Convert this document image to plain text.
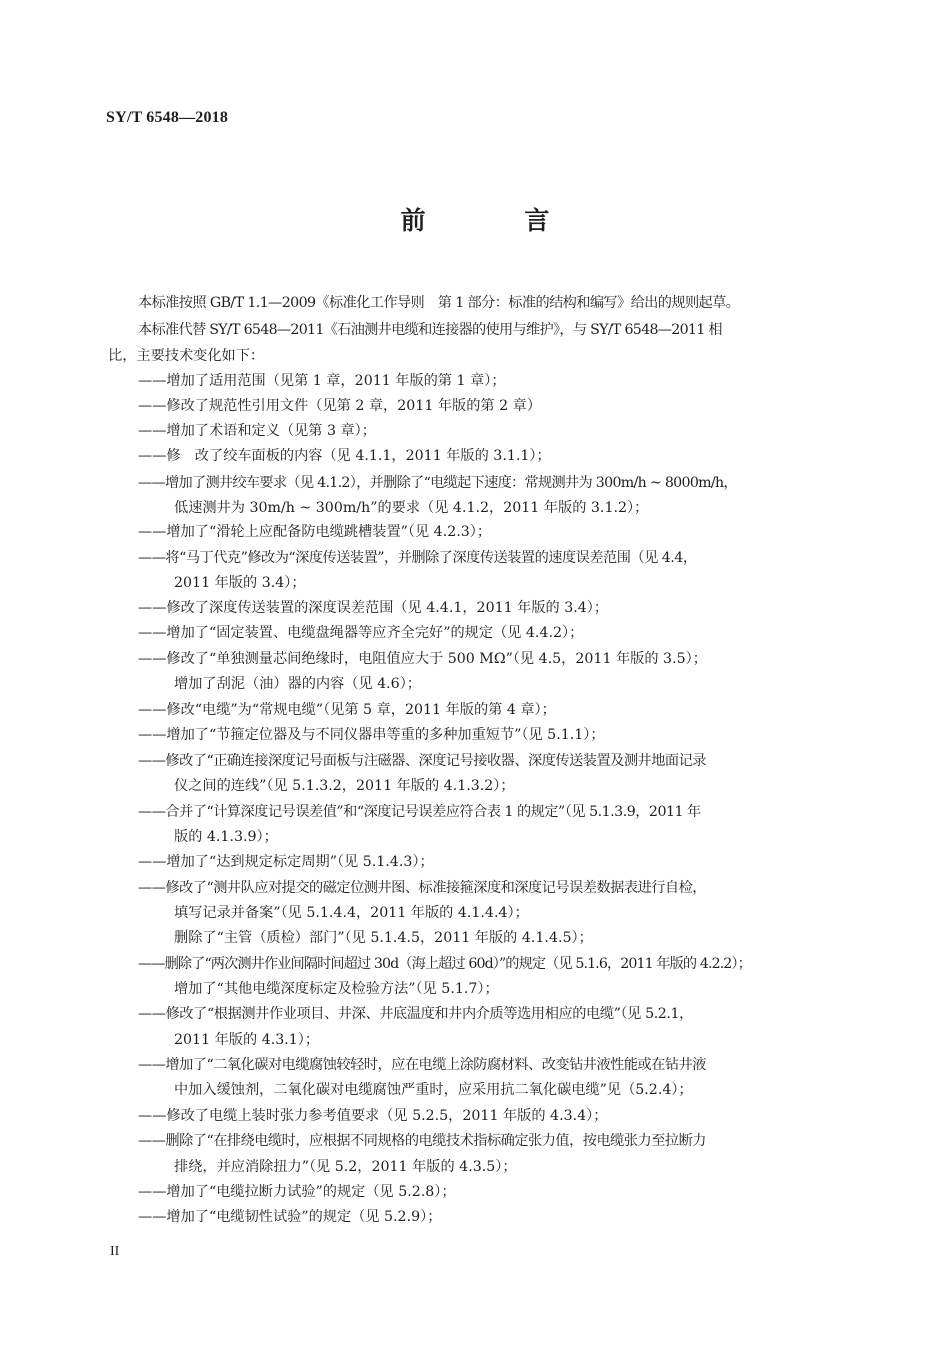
SY/T 6548—2018
前 言
本标准按照 GB/T 1.1—2009《标准化工作导则　第 1 部分：标准的结构和编写》给出的规则起草。
本标准代替 SY/T 6548—2011《石油测井电缆和连接器的使用与维护》，与 SY/T 6548—2011 相
比，主要技术变化如下：
——增加了适用范围（见第 1 章，2011 年版的第 1 章）；
——修改了规范性引用文件（见第 2 章，2011 年版的第 2 章）
——增加了术语和定义（见第 3 章）；
——修　改了绞车面板的内容（见 4.1.1，2011 年版的 3.1.1）；
——增加了测井绞车要求（见 4.1.2），并删除了“电缆起下速度：常规测井为 300m/h ~ 8000m/h，
低速测井为 30m/h ~ 300m/h”的要求（见 4.1.2，2011 年版的 3.1.2）；
——增加了“滑轮上应配备防电缆跳槽装置”（见 4.2.3）；
——将“马丁代克”修改为“深度传送装置”，并删除了深度传送装置的速度误差范围（见 4.4，
2011 年版的 3.4）；
——修改了深度传送装置的深度误差范围（见 4.4.1，2011 年版的 3.4）；
——增加了“固定装置、电缆盘绳器等应齐全完好”的规定（见 4.4.2）；
——修改了“单独测量芯间绝缘时，电阻值应大于 500 MΩ”（见 4.5，2011 年版的 3.5）；
增加了刮泥（油）器的内容（见 4.6）；
——修改“电缆”为“常规电缆”（见第 5 章，2011 年版的第 4 章）；
——增加了“节箍定位器及与不同仪器串等重的多种加重短节”（见 5.1.1）；
——修改了“正确连接深度记号面板与注磁器、深度记号接收器、深度传送装置及测井地面记录
仪之间的连线”（见 5.1.3.2，2011 年版的 4.1.3.2）；
——合并了“计算深度记号误差值”和“深度记号误差应符合表 1 的规定”（见 5.1.3.9，2011 年
版的 4.1.3.9）；
——增加了“达到规定标定周期”（见 5.1.4.3）；
——修改了“测井队应对提交的磁定位测井图、标准接箍深度和深度记号误差数据表进行自检，
填写记录并备案”（见 5.1.4.4，2011 年版的 4.1.4.4）；
删除了“主管（质检）部门”（见 5.1.4.5，2011 年版的 4.1.4.5）；
——删除了“两次测井作业间隔时间超过 30d（海上超过 60d）”的规定（见 5.1.6，2011 年版的 4.2.2）；
增加了“其他电缆深度标定及检验方法”（见 5.1.7）；
——修改了“根据测井作业项目、井深、井底温度和井内介质等选用相应的电缆”（见 5.2.1，
2011 年版的 4.3.1）；
——增加了“二氧化碳对电缆腐蚀较轻时，应在电缆上涂防腐材料、改变钻井液性能或在钻井液
中加入缓蚀剂，二氧化碳对电缆腐蚀严重时，应采用抗二氧化碳电缆”见（5.2.4）；
——修改了电缆上装时张力参考值要求（见 5.2.5，2011 年版的 4.3.4）；
——删除了“在排绕电缆时，应根据不同规格的电缆技术指标确定张力值，按电缆张力至拉断力
排绕，并应消除扭力”（见 5.2，2011 年版的 4.3.5）；
——增加了“电缆拉断力试验”的规定（见 5.2.8）；
——增加了“电缆韧性试验”的规定（见 5.2.9）；
II
